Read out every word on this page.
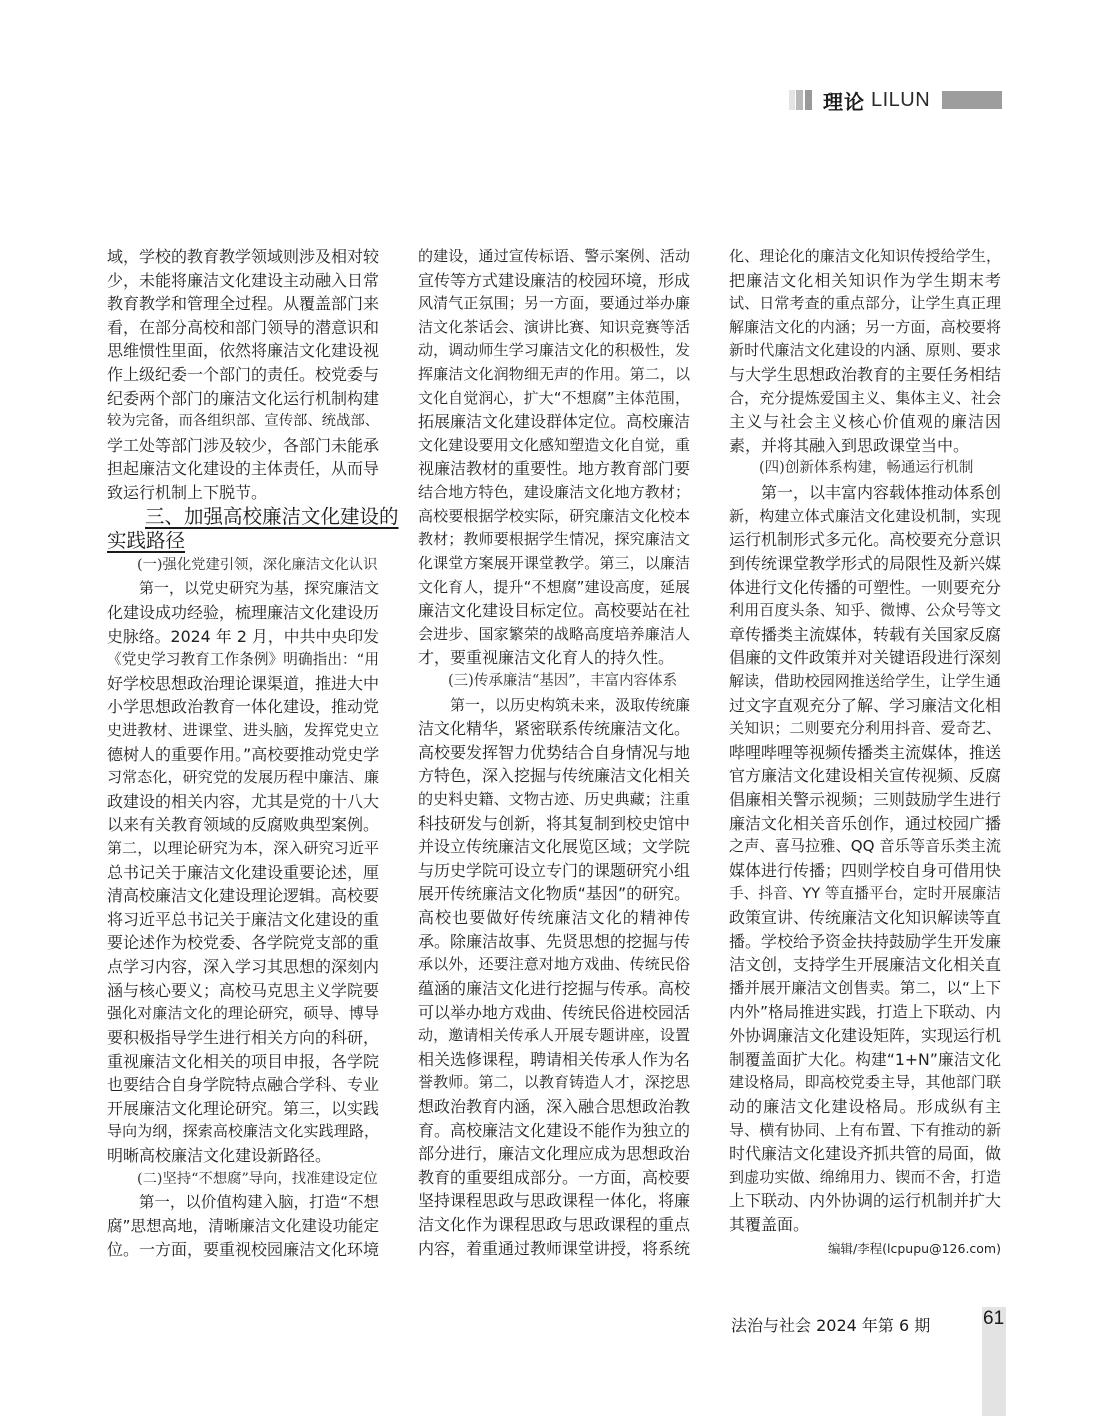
理论 LILUN
域，学校的教育教学领域则涉及相对较
少，未能将廉洁文化建设主动融入日常
教育教学和管理全过程。从覆盖部门来
看，在部分高校和部门领导的潜意识和
思维惯性里面，依然将廉洁文化建设视
作上级纪委一个部门的责任。校党委与
纪委两个部门的廉洁文化运行机制构建
较为完备，而各组织部、宣传部、统战部、
学工处等部门涉及较少，各部门未能承
担起廉洁文化建设的主体责任，从而导
致运行机制上下脱节。
三、加强高校廉洁文化建设的
实践路径
(一)强化党建引领，深化廉洁文化认识
第一，以党史研究为基，探究廉洁文
化建设成功经验，梳理廉洁文化建设历
史脉络。2024 年 2 月，中共中央印发
《党史学习教育工作条例》明确指出：“用
好学校思想政治理论课渠道，推进大中
小学思想政治教育一体化建设，推动党
史进教材、进课堂、进头脑，发挥党史立
德树人的重要作用。”高校要推动党史学
习常态化，研究党的发展历程中廉洁、廉
政建设的相关内容，尤其是党的十八大
以来有关教育领域的反腐败典型案例。
第二，以理论研究为本，深入研究习近平
总书记关于廉洁文化建设重要论述，厘
清高校廉洁文化建设理论逻辑。高校要
将习近平总书记关于廉洁文化建设的重
要论述作为校党委、各学院党支部的重
点学习内容，深入学习其思想的深刻内
涵与核心要义；高校马克思主义学院要
强化对廉洁文化的理论研究，硕导、博导
要积极指导学生进行相关方向的科研，
重视廉洁文化相关的项目申报，各学院
也要结合自身学院特点融合学科、专业
开展廉洁文化理论研究。第三，以实践
导向为纲，探索高校廉洁文化实践理路，
明晰高校廉洁文化建设新路径。
(二)坚持“不想腐”导向，找准建设定位
第一，以价值构建入脑，打造“不想
腐”思想高地，清晰廉洁文化建设功能定
位。一方面，要重视校园廉洁文化环境
的建设，通过宣传标语、警示案例、活动
宣传等方式建设廉洁的校园环境，形成
风清气正氛围；另一方面，要通过举办廉
洁文化茶话会、演讲比赛、知识竞赛等活
动，调动师生学习廉洁文化的积极性，发
挥廉洁文化润物细无声的作用。第二，以
文化自觉润心，扩大“不想腐”主体范围，
拓展廉洁文化建设群体定位。高校廉洁
文化建设要用文化感知塑造文化自觉，重
视廉洁教材的重要性。地方教育部门要
结合地方特色，建设廉洁文化地方教材；
高校要根据学校实际，研究廉洁文化校本
教材；教师要根据学生情况，探究廉洁文
化课堂方案展开课堂教学。第三，以廉洁
文化育人，提升“不想腐”建设高度，延展
廉洁文化建设目标定位。高校要站在社
会进步、国家繁荣的战略高度培养廉洁人
才，要重视廉洁文化育人的持久性。
(三)传承廉洁“基因”，丰富内容体系
第一，以历史构筑未来，汲取传统廉
洁文化精华，紧密联系传统廉洁文化。
高校要发挥智力优势结合自身情况与地
方特色，深入挖掘与传统廉洁文化相关
的史料史籍、文物古迹、历史典藏；注重
科技研发与创新，将其复制到校史馆中
并设立传统廉洁文化展览区域；文学院
与历史学院可设立专门的课题研究小组
展开传统廉洁文化物质“基因”的研究。
高校也要做好传统廉洁文化的精神传
承。除廉洁故事、先贤思想的挖掘与传
承以外，还要注意对地方戏曲、传统民俗
蕴涵的廉洁文化进行挖掘与传承。高校
可以举办地方戏曲、传统民俗进校园活
动，邀请相关传承人开展专题讲座，设置
相关选修课程，聘请相关传承人作为名
誉教师。第二，以教育铸造人才，深挖思
想政治教育内涵，深入融合思想政治教
育。高校廉洁文化建设不能作为独立的
部分进行，廉洁文化理应成为思想政治
教育的重要组成部分。一方面，高校要
坚持课程思政与思政课程一体化，将廉
洁文化作为课程思政与思政课程的重点
内容，着重通过教师课堂讲授，将系统
化、理论化的廉洁文化知识传授给学生，
把廉洁文化相关知识作为学生期末考
试、日常考查的重点部分，让学生真正理
解廉洁文化的内涵；另一方面，高校要将
新时代廉洁文化建设的内涵、原则、要求
与大学生思想政治教育的主要任务相结
合，充分提炼爱国主义、集体主义、社会
主义与社会主义核心价值观的廉洁因
素，并将其融入到思政课堂当中。
(四)创新体系构建，畅通运行机制
第一，以丰富内容载体推动体系创
新，构建立体式廉洁文化建设机制，实现
运行机制形式多元化。高校要充分意识
到传统课堂教学形式的局限性及新兴媒
体进行文化传播的可塑性。一则要充分
利用百度头条、知乎、微博、公众号等文
章传播类主流媒体，转载有关国家反腐
倡廉的文件政策并对关键语段进行深刻
解读，借助校园网推送给学生，让学生通
过文字直观充分了解、学习廉洁文化相
关知识；二则要充分利用抖音、爱奇艺、
哔哩哔哩等视频传播类主流媒体，推送
官方廉洁文化建设相关宣传视频、反腐
倡廉相关警示视频；三则鼓励学生进行
廉洁文化相关音乐创作，通过校园广播
之声、喜马拉雅、QQ 音乐等音乐类主流
媒体进行传播；四则学校自身可借用快
手、抖音、YY 等直播平台，定时开展廉洁
政策宣讲、传统廉洁文化知识解读等直
播。学校给予资金扶持鼓励学生开发廉
洁文创，支持学生开展廉洁文化相关直
播并展开廉洁文创售卖。第二，以“上下
内外”格局推进实践，打造上下联动、内
外协调廉洁文化建设矩阵，实现运行机
制覆盖面扩大化。构建“1+N”廉洁文化
建设格局，即高校党委主导，其他部门联
动的廉洁文化建设格局。形成纵有主
导、横有协同、上有布置、下有推动的新
时代廉洁文化建设齐抓共管的局面，做
到虚功实做、绵绵用力、锲而不舍，打造
上下联动、内外协调的运行机制并扩大
其覆盖面。
编辑/李程(lcpupu@126.com)
法治与社会 2024 年第 6 期	61
